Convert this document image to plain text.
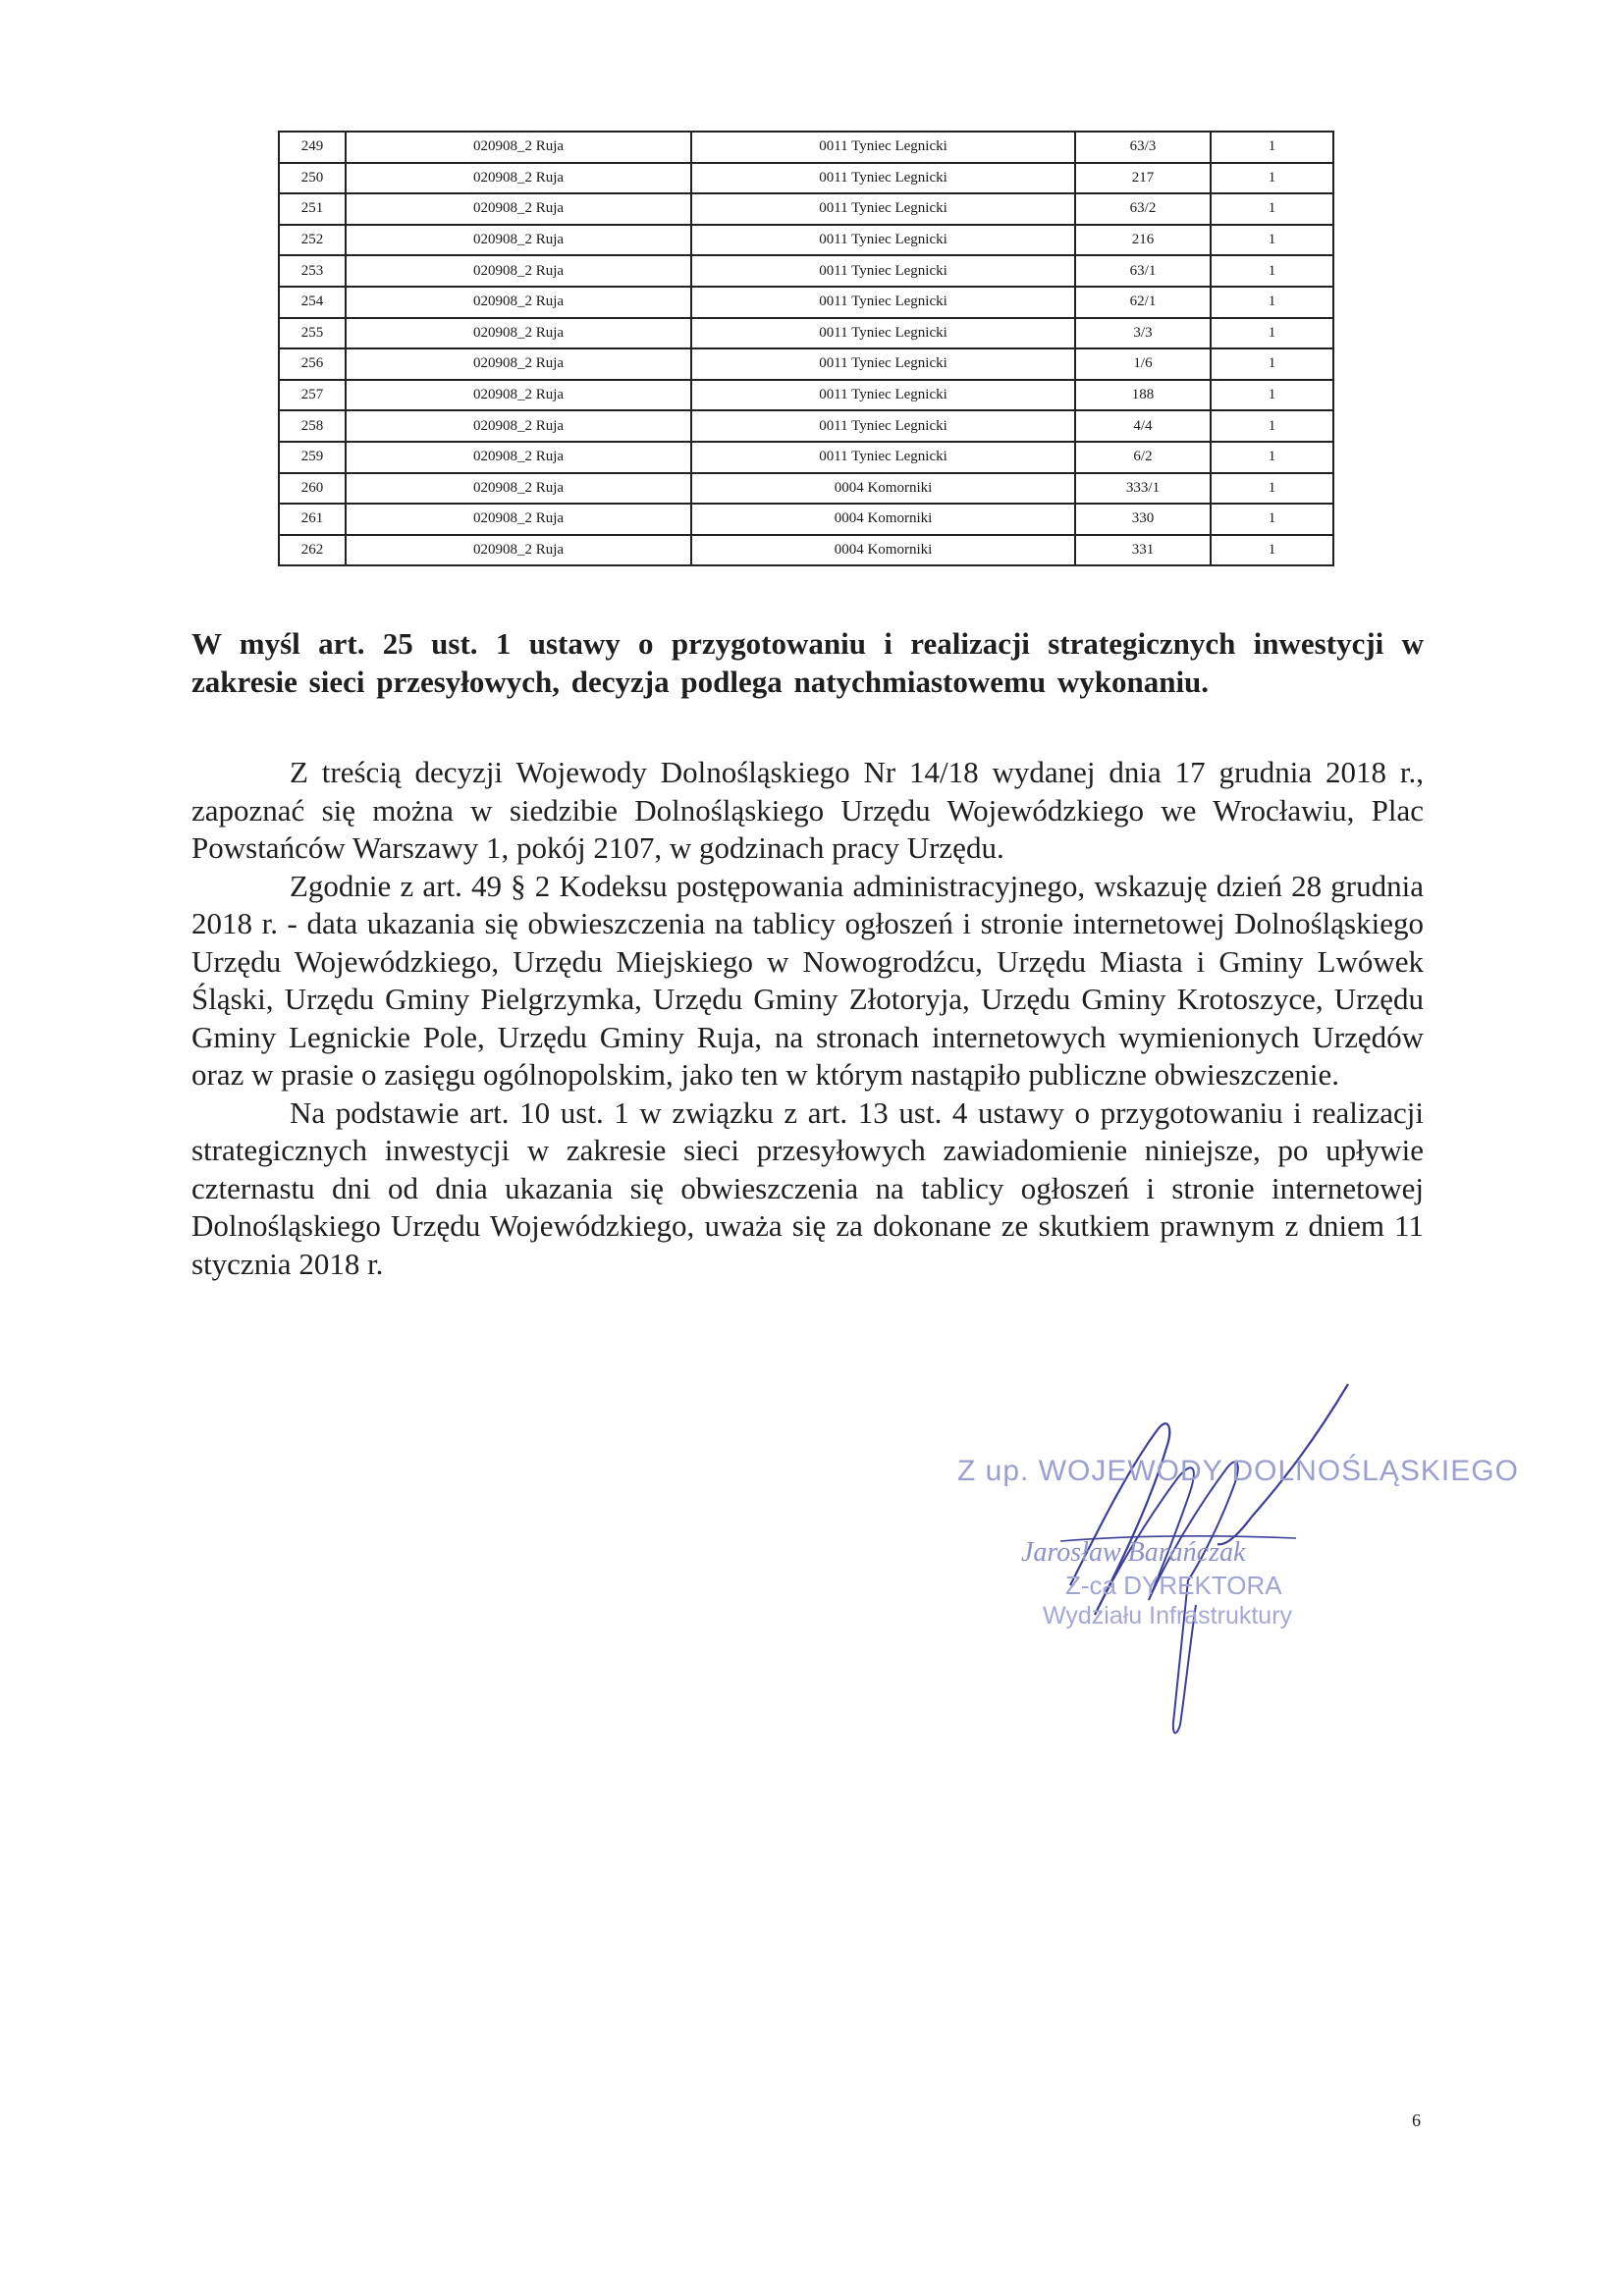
249	020908_2 Ruja	0011 Tyniec Legnicki	63/3	1
250	020908_2 Ruja	0011 Tyniec Legnicki	217	1
251	020908_2 Ruja	0011 Tyniec Legnicki	63/2	1
252	020908_2 Ruja	0011 Tyniec Legnicki	216	1
253	020908_2 Ruja	0011 Tyniec Legnicki	63/1	1
254	020908_2 Ruja	0011 Tyniec Legnicki	62/1	1
255	020908_2 Ruja	0011 Tyniec Legnicki	3/3	1
256	020908_2 Ruja	0011 Tyniec Legnicki	1/6	1
257	020908_2 Ruja	0011 Tyniec Legnicki	188	1
258	020908_2 Ruja	0011 Tyniec Legnicki	4/4	1
259	020908_2 Ruja	0011 Tyniec Legnicki	6/2	1
260	020908_2 Ruja	0004 Komorniki	333/1	1
261	020908_2 Ruja	0004 Komorniki	330	1
262	020908_2 Ruja	0004 Komorniki	331	1
W myśl art. 25 ust. 1 ustawy o przygotowaniu i realizacji strategicznych inwestycji w zakresie sieci przesyłowych, decyzja podlega natychmiastowemu wykonaniu.

Z treścią decyzji Wojewody Dolnośląskiego Nr 14/18 wydanej dnia 17 grudnia 2018 r., zapoznać się można w siedzibie Dolnośląskiego Urzędu Wojewódzkiego we Wrocławiu, Plac Powstańców Warszawy 1, pokój 2107, w godzinach pracy Urzędu.

Zgodnie z art. 49 § 2 Kodeksu postępowania administracyjnego, wskazuję dzień 28 grudnia 2018 r. - data ukazania się obwieszczenia na tablicy ogłoszeń i stronie internetowej Dolnośląskiego Urzędu Wojewódzkiego, Urzędu Miejskiego w Nowogrodźcu, Urzędu Miasta i Gminy Lwówek Śląski, Urzędu Gminy Pielgrzymka, Urzędu Gminy Złotoryja, Urzędu Gminy Krotoszyce, Urzędu Gminy Legnickie Pole, Urzędu Gminy Ruja, na stronach internetowych wymienionych Urzędów oraz w prasie o zasięgu ogólnopolskim, jako ten w którym nastąpiło publiczne obwieszczenie.

Na podstawie art. 10 ust. 1 w związku z art. 13 ust. 4 ustawy o przygotowaniu i realizacji strategicznych inwestycji w zakresie sieci przesyłowych zawiadomienie niniejsze, po upływie czternastu dni od dnia ukazania się obwieszczenia na tablicy ogłoszeń i stronie internetowej Dolnośląskiego Urzędu Wojewódzkiego, uważa się za dokonane ze skutkiem prawnym z dniem 11 stycznia 2018 r.

Z up. WOJEWODY DOLNOŚLĄSKIEGO
Jarosław Barańczak
Z-ca DYREKTORA
Wydziału Infrastruktury
6
